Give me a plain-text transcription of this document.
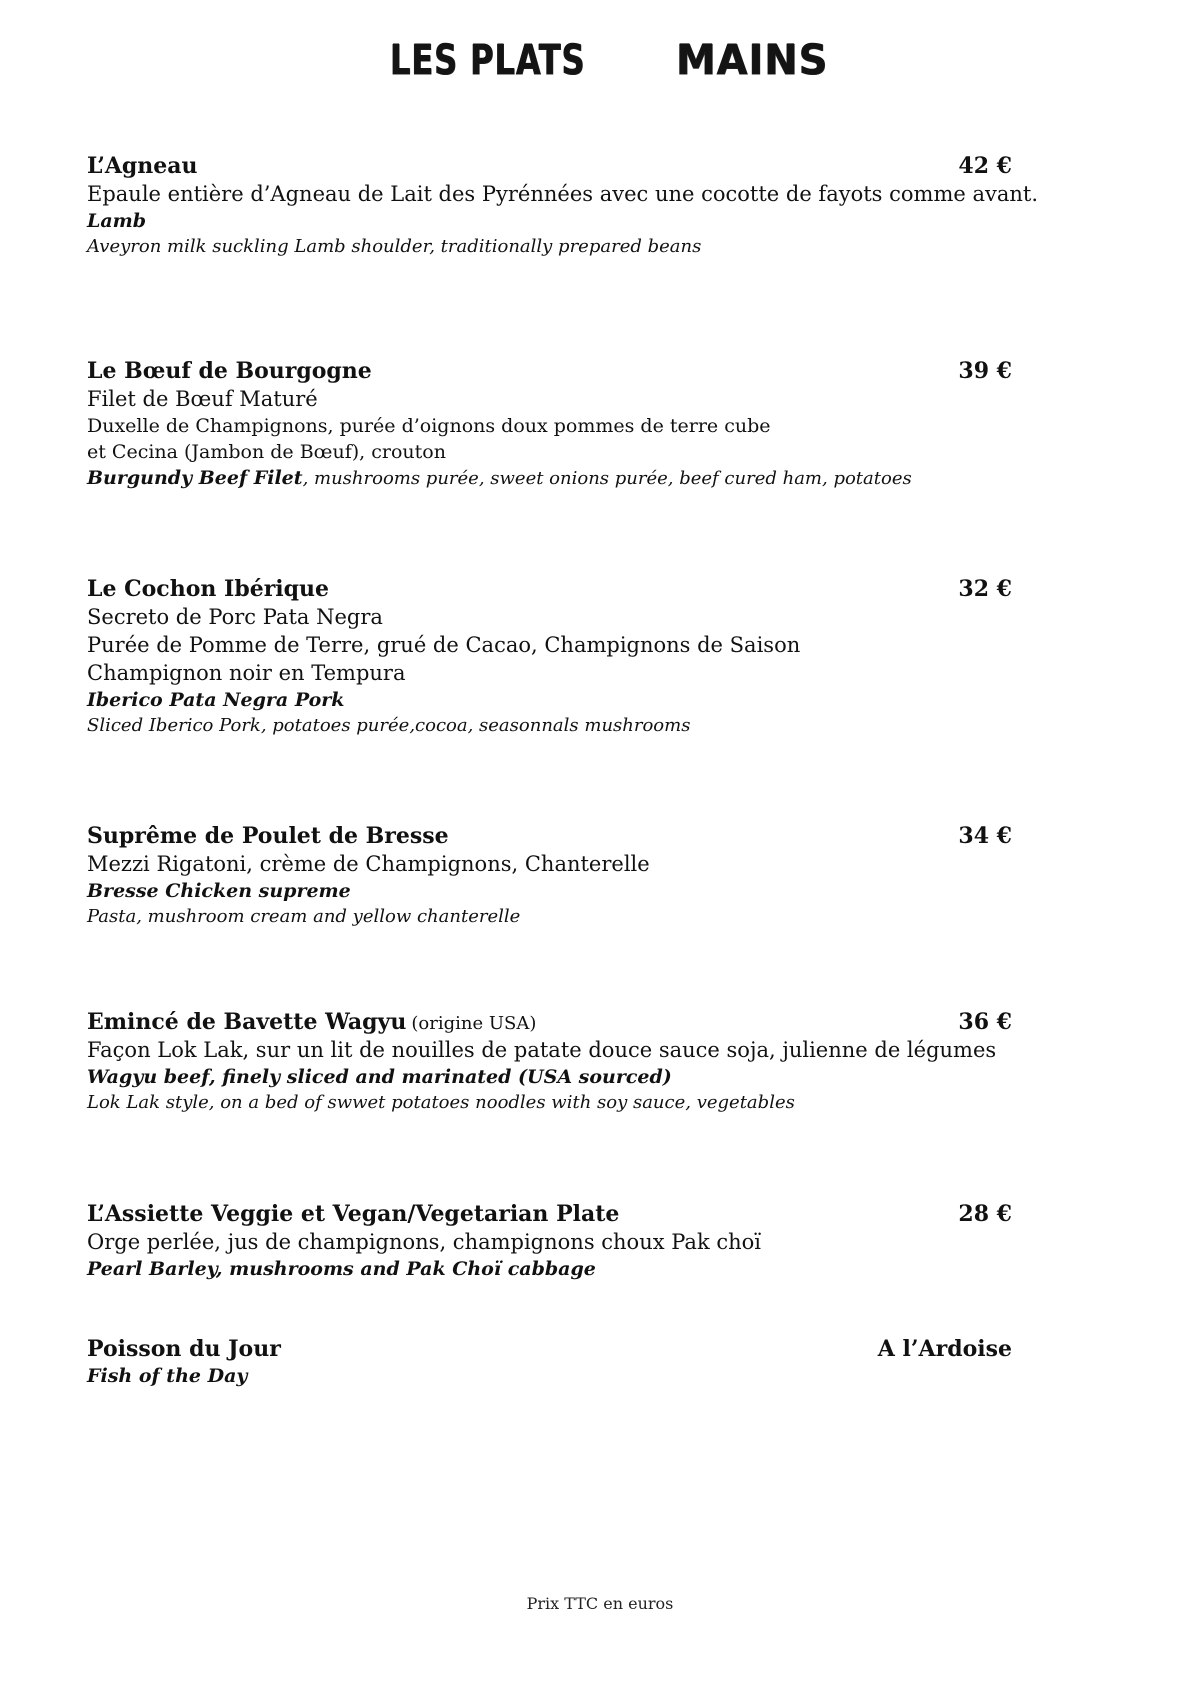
LES PLATS MAINS
L’Agneau	42 €
Epaule entière d’Agneau de Lait des Pyrénnées avec une cocotte de fayots comme avant.
Lamb
Aveyron milk suckling Lamb shoulder, traditionally prepared beans
Le Bœuf de Bourgogne	39 €
Filet de Bœuf Maturé
Duxelle de Champignons, purée d’oignons doux pommes de terre cube
et Cecina (Jambon de Bœuf), crouton
Burgundy Beef Filet, mushrooms purée, sweet onions purée, beef cured ham, potatoes
Le Cochon Ibérique	32 €
Secreto de Porc Pata Negra
Purée de Pomme de Terre, grué de Cacao, Champignons de Saison
Champignon noir en Tempura
Iberico Pata Negra Pork
Sliced Iberico Pork, potatoes purée,cocoa, seasonnals mushrooms
Suprême de Poulet de Bresse	34 €
Mezzi Rigatoni, crème de Champignons, Chanterelle
Bresse Chicken supreme
Pasta, mushroom cream and yellow chanterelle
Emincé de Bavette Wagyu (origine USA)	36 €
Façon Lok Lak, sur un lit de nouilles de patate douce sauce soja, julienne de légumes
Wagyu beef, finely sliced and marinated (USA sourced)
Lok Lak style, on a bed of swwet potatoes noodles with soy sauce, vegetables
L’Assiette Veggie et Vegan/Vegetarian Plate	28 €
Orge perlée, jus de champignons, champignons choux Pak choï
Pearl Barley, mushrooms and Pak Choï cabbage
Poisson du Jour	A l’Ardoise
Fish of the Day
Prix TTC en euros
